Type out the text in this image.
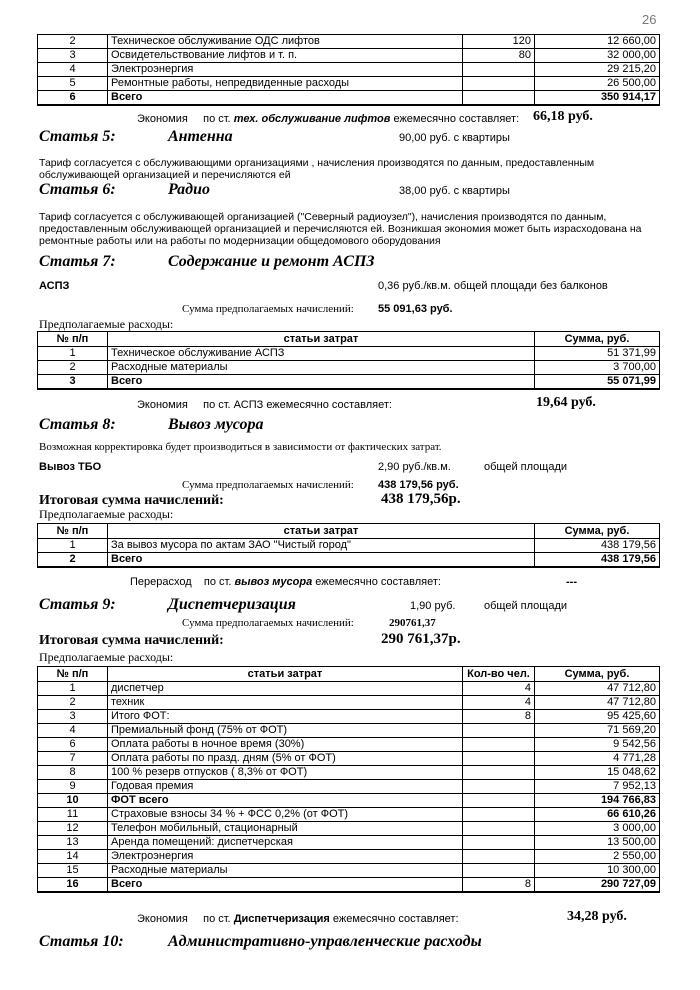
26
2	Техническое обслуживание ОДС лифтов	120	12 660,00
3	Освидетельствование лифтов и т. п.	80	32 000,00
4	Электроэнергия		29 215,20
5	Ремонтные работы, непредвиденные расходы		26 500,00
6	Всего		350 914,17
Экономия по ст. тех. обслуживание лифтов ежемесячно составляет: 66,18 руб.
Статья 5:	Антенна	90,00 руб. с квартиры
Тариф согласуется с обслуживающими организациями , начисления производятся по данным, предоставленным обслуживающей организацией и перечисляются ей
Статья 6:	Радио	38,00 руб. с квартиры
Тариф согласуется с обслуживающей организацией ("Северный радиоузел"), начисления производятся по данным, предоставленным обслуживающей организацией и перечисляются ей. Возникшая экономия может быть израсходована на ремонтные работы или на работы по модернизации общедомового оборудования
Статья 7:	Содержание и ремонт АСПЗ
АСПЗ	0,36 руб./кв.м. общей площади без балконов
Сумма предполагаемых начислений: 55 091,63 руб.
Предполагаемые расходы:
№ п/п	статьи затрат	Сумма, руб.
1	Техническое обслуживание АСПЗ	51 371,99
2	Расходные материалы	3 700,00
3	Всего	55 071,99
Экономия по ст. АСПЗ ежемесячно составляет:	19,64 руб.
Статья 8:	Вывоз мусора
Возможная корректировка будет производиться в зависимости от фактических затрат.
Вывоз ТБО	2,90 руб./кв.м.	общей площади
Сумма предполагаемых начислений: 438 179,56 руб.
Итоговая сумма начислений:	438 179,56р.
Предполагаемые расходы:
№ п/п	статьи затрат	Сумма, руб.
1	За вывоз мусора по актам ЗАО "Чистый город"	438 179,56
2	Всего	438 179,56
Перерасход по ст. вывоз мусора ежемесячно составляет:	---
Статья 9:	Диспетчеризация	1,90 руб.	общей площади
Сумма предполагаемых начислений:	290761,37
Итоговая сумма начислений:	290 761,37р.
Предполагаемые расходы:
№ п/п	статьи затрат	Кол-во чел.	Сумма, руб.
1	диспетчер	4	47 712,80
2	техник	4	47 712,80
3	Итого ФОТ:	8	95 425,60
4	Премиальный фонд (75% от ФОТ)		71 569,20
6	Оплата работы в ночное время (30%)		9 542,56
7	Оплата работы по празд. дням (5% от ФОТ)		4 771,28
8	100 % резерв отпусков ( 8,3% от ФОТ)		15 048,62
9	Годовая премия		7 952,13
10	ФОТ всего		194 766,83
11	Страховые взносы 34 % + ФСС 0,2% (от ФОТ)		66 610,26
12	Телефон мобильный, стационарный		3 000,00
13	Аренда помещений: диспетчерская		13 500,00
14	Электроэнергия		2 550,00
15	Расходные материалы		10 300,00
16	Всего	8	290 727,09
Экономия по ст. Диспетчеризация ежемесячно составляет:	34,28 руб.
Статья 10:	Административно-управленческие расходы
